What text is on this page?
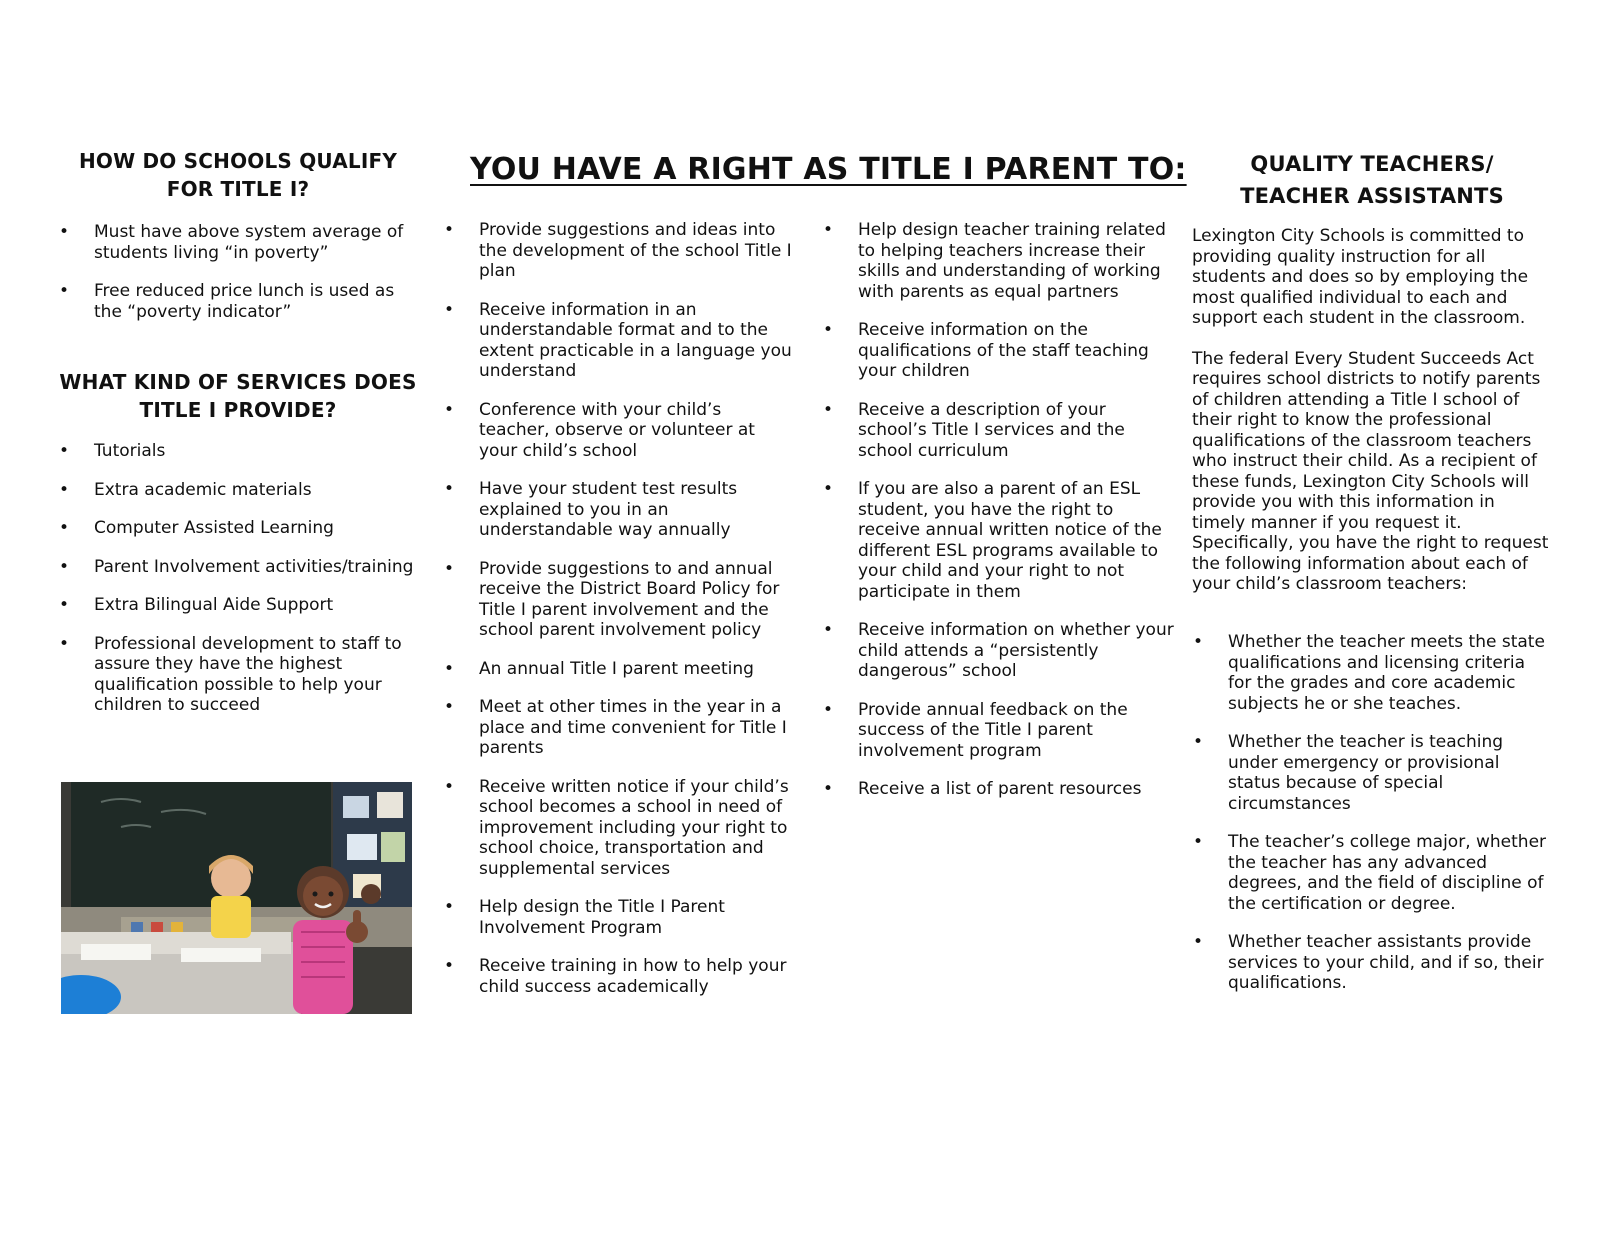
HOW DO SCHOOLS QUALIFY FOR TITLE I?
• Must have above system average of students living “in poverty”
• Free reduced price lunch is used as the “poverty indicator”
WHAT KIND OF SERVICES DOES TITLE I PROVIDE?
• Tutorials
• Extra academic materials
• Computer Assisted Learning
• Parent Involvement activities/training
• Extra Bilingual Aide Support
• Professional development to staff to assure they have the highest qualification possible to help your children to succeed
YOU HAVE A RIGHT AS TITLE I PARENT TO:
• Provide suggestions and ideas into the development of the school Title I plan
• Receive information in an understandable format and to the extent practicable in a language you understand
• Conference with your child’s teacher, observe or volunteer at your child’s school
• Have your student test results explained to you in an understandable way annually
• Provide suggestions to and annual receive the District Board Policy for Title I parent involvement and the school parent involvement policy
• An annual Title I parent meeting
• Meet at other times in the year in a place and time convenient for Title I parents
• Receive written notice if your child’s school becomes a school in need of improvement including your right to school choice, transportation and supplemental services
• Help design the Title I Parent Involvement Program
• Receive training in how to help your child success academically
• Help design teacher training related to helping teachers increase their skills and understanding of working with parents as equal partners
• Receive information on the qualifications of the staff teaching your children
• Receive a description of your school’s Title I services and the school curriculum
• If you are also a parent of an ESL student, you have the right to receive annual written notice of the different ESL programs available to your child and your right to not participate in them
• Receive information on whether your child attends a “persistently dangerous” school
• Provide annual feedback on the success of the Title I parent involvement program
• Receive a list of parent resources
QUALITY TEACHERS/ TEACHER ASSISTANTS

Lexington City Schools is committed to providing quality instruction for all students and does so by employing the most qualified individual to each and support each student in the classroom.

The federal Every Student Succeeds Act requires school districts to notify parents of children attending a Title I school of their right to know the professional qualifications of the classroom teachers who instruct their child. As a recipient of these funds, Lexington City Schools will provide you with this information in timely manner if you request it. Specifically, you have the right to request the following information about each of your child’s classroom teachers:

• Whether the teacher meets the state qualifications and licensing criteria for the grades and core academic subjects he or she teaches.
• Whether the teacher is teaching under emergency or provisional status because of special circumstances
• The teacher’s college major, whether the teacher has any advanced degrees, and the field of discipline of the certification or degree.
• Whether teacher assistants provide services to your child, and if so, their qualifications.
